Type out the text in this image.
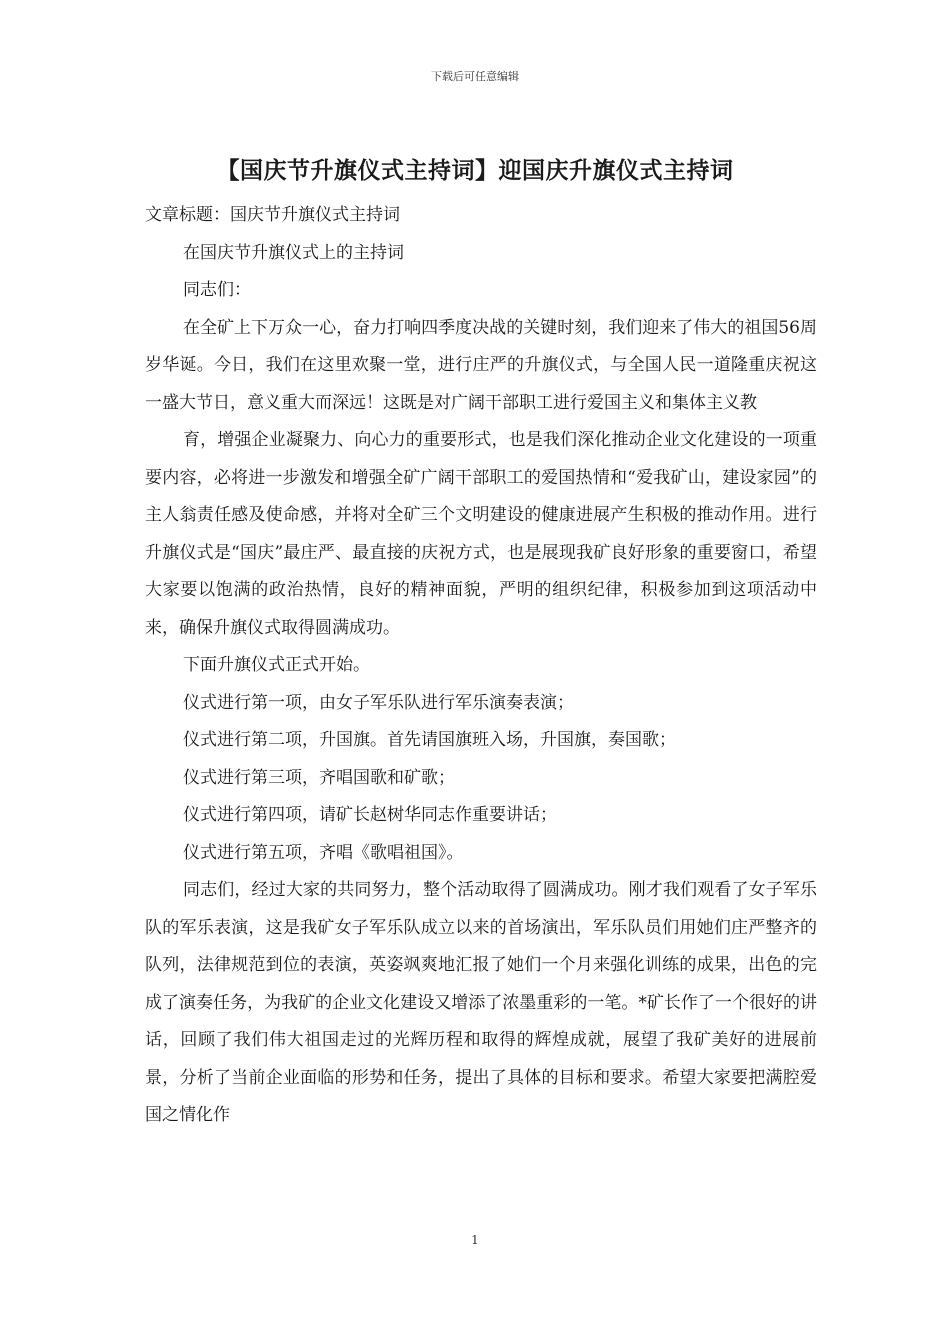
下载后可任意编辑
【国庆节升旗仪式主持词】迎国庆升旗仪式主持词

文章标题：国庆节升旗仪式主持词

在国庆节升旗仪式上的主持词

同志们：

在全矿上下万众一心，奋力打响四季度决战的关键时刻，我们迎来了伟大的祖国56周岁华诞。今日，我们在这里欢聚一堂，进行庄严的升旗仪式，与全国人民一道隆重庆祝这一盛大节日，意义重大而深远！这既是对广阔干部职工进行爱国主义和集体主义教

育，增强企业凝聚力、向心力的重要形式，也是我们深化推动企业文化建设的一项重要内容，必将进一步激发和增强全矿广阔干部职工的爱国热情和“爱我矿山，建设家园”的主人翁责任感及使命感，并将对全矿三个文明建设的健康进展产生积极的推动作用。进行升旗仪式是“国庆”最庄严、最直接的庆祝方式，也是展现我矿良好形象的重要窗口，希望大家要以饱满的政治热情，良好的精神面貌，严明的组织纪律，积极参加到这项活动中来，确保升旗仪式取得圆满成功。

下面升旗仪式正式开始。

仪式进行第一项，由女子军乐队进行军乐演奏表演；

仪式进行第二项，升国旗。首先请国旗班入场，升国旗，奏国歌；

仪式进行第三项，齐唱国歌和矿歌；

仪式进行第四项，请矿长赵树华同志作重要讲话；

仪式进行第五项，齐唱《歌唱祖国》。

同志们，经过大家的共同努力，整个活动取得了圆满成功。刚才我们观看了女子军乐队的军乐表演，这是我矿女子军乐队成立以来的首场演出，军乐队员们用她们庄严整齐的队列，法律规范到位的表演，英姿飒爽地汇报了她们一个月来强化训练的成果，出色的完成了演奏任务，为我矿的企业文化建设又增添了浓墨重彩的一笔。*矿长作了一个很好的讲话，回顾了我们伟大祖国走过的光辉历程和取得的辉煌成就，展望了我矿美好的进展前景，分析了当前企业面临的形势和任务，提出了具体的目标和要求。希望大家要把满腔爱国之情化作

1
